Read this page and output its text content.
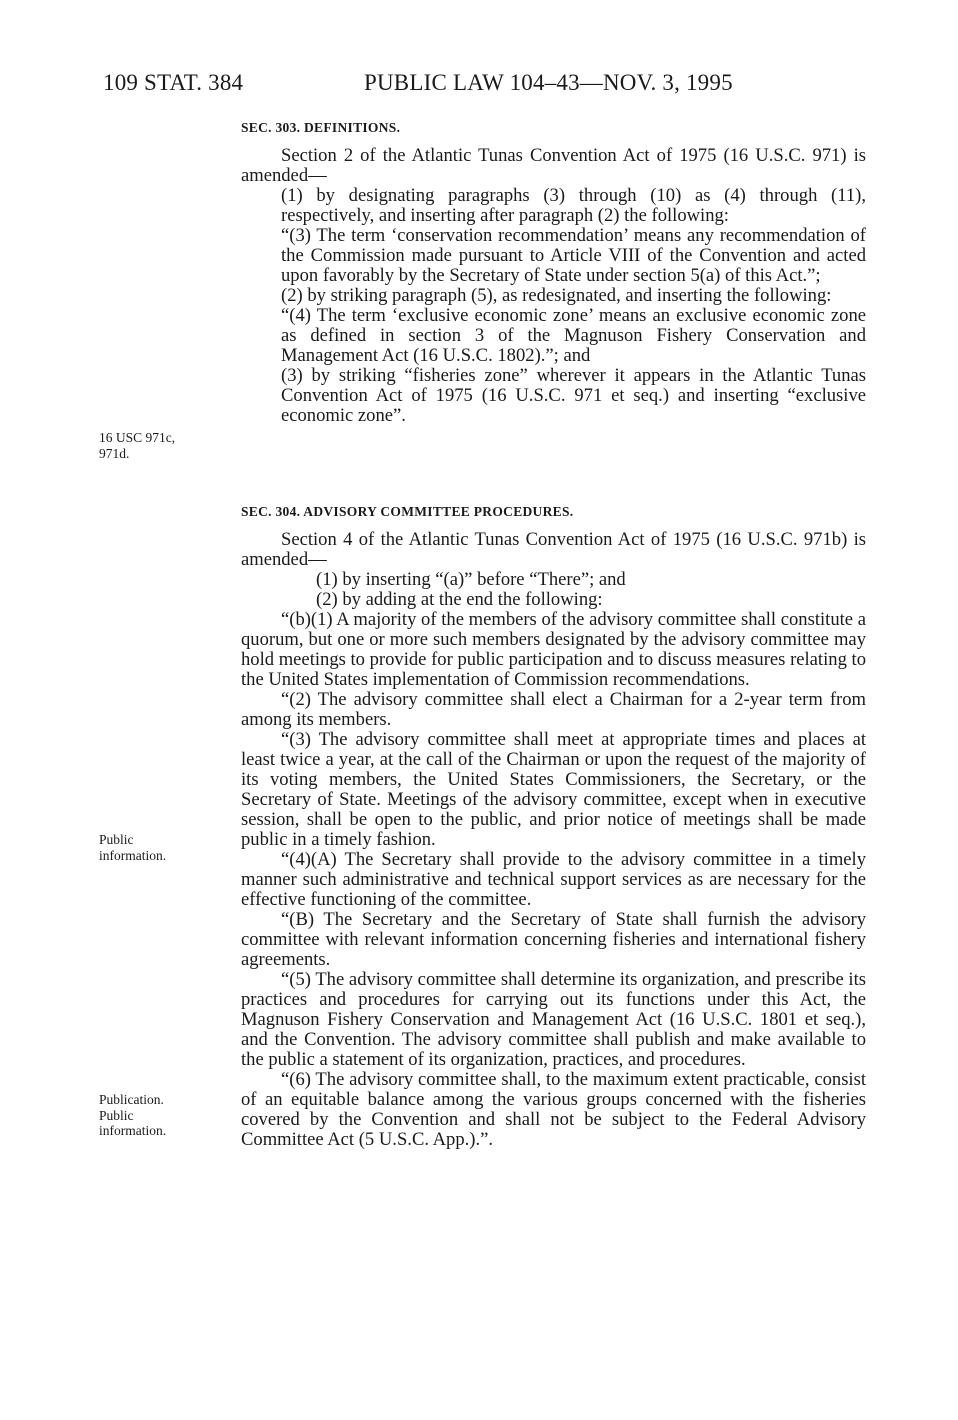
109 STAT. 384	PUBLIC LAW 104–43—NOV. 3, 1995
16 USC 971c,
971d.
Public
information.
Publication.
Public
information.
SEC. 303. DEFINITIONS.

Section 2 of the Atlantic Tunas Convention Act of 1975 (16 U.S.C. 971) is amended—

(1) by designating paragraphs (3) through (10) as (4) through (11), respectively, and inserting after paragraph (2) the following:

“(3) The term ‘conservation recommendation’ means any recommendation of the Commission made pursuant to Article VIII of the Convention and acted upon favorably by the Secretary of State under section 5(a) of this Act.”;

(2) by striking paragraph (5), as redesignated, and inserting the following:

“(4) The term ‘exclusive economic zone’ means an exclusive economic zone as defined in section 3 of the Magnuson Fishery Conservation and Management Act (16 U.S.C. 1802).”; and

(3) by striking “fisheries zone” wherever it appears in the Atlantic Tunas Convention Act of 1975 (16 U.S.C. 971 et seq.) and inserting “exclusive economic zone”.

SEC. 304. ADVISORY COMMITTEE PROCEDURES.

Section 4 of the Atlantic Tunas Convention Act of 1975 (16 U.S.C. 971b) is amended—

(1) by inserting “(a)” before “There”; and

(2) by adding at the end the following:

“(b)(1) A majority of the members of the advisory committee shall constitute a quorum, but one or more such members designated by the advisory committee may hold meetings to provide for public participation and to discuss measures relating to the United States implementation of Commission recommendations.

“(2) The advisory committee shall elect a Chairman for a 2-year term from among its members.

“(3) The advisory committee shall meet at appropriate times and places at least twice a year, at the call of the Chairman or upon the request of the majority of its voting members, the United States Commissioners, the Secretary, or the Secretary of State. Meetings of the advisory committee, except when in executive session, shall be open to the public, and prior notice of meetings shall be made public in a timely fashion.

“(4)(A) The Secretary shall provide to the advisory committee in a timely manner such administrative and technical support services as are necessary for the effective functioning of the committee.

“(B) The Secretary and the Secretary of State shall furnish the advisory committee with relevant information concerning fisheries and international fishery agreements.

“(5) The advisory committee shall determine its organization, and prescribe its practices and procedures for carrying out its functions under this Act, the Magnuson Fishery Conservation and Management Act (16 U.S.C. 1801 et seq.), and the Convention. The advisory committee shall publish and make available to the public a statement of its organization, practices, and procedures.

“(6) The advisory committee shall, to the maximum extent practicable, consist of an equitable balance among the various groups concerned with the fisheries covered by the Convention and shall not be subject to the Federal Advisory Committee Act (5 U.S.C. App.).”.
